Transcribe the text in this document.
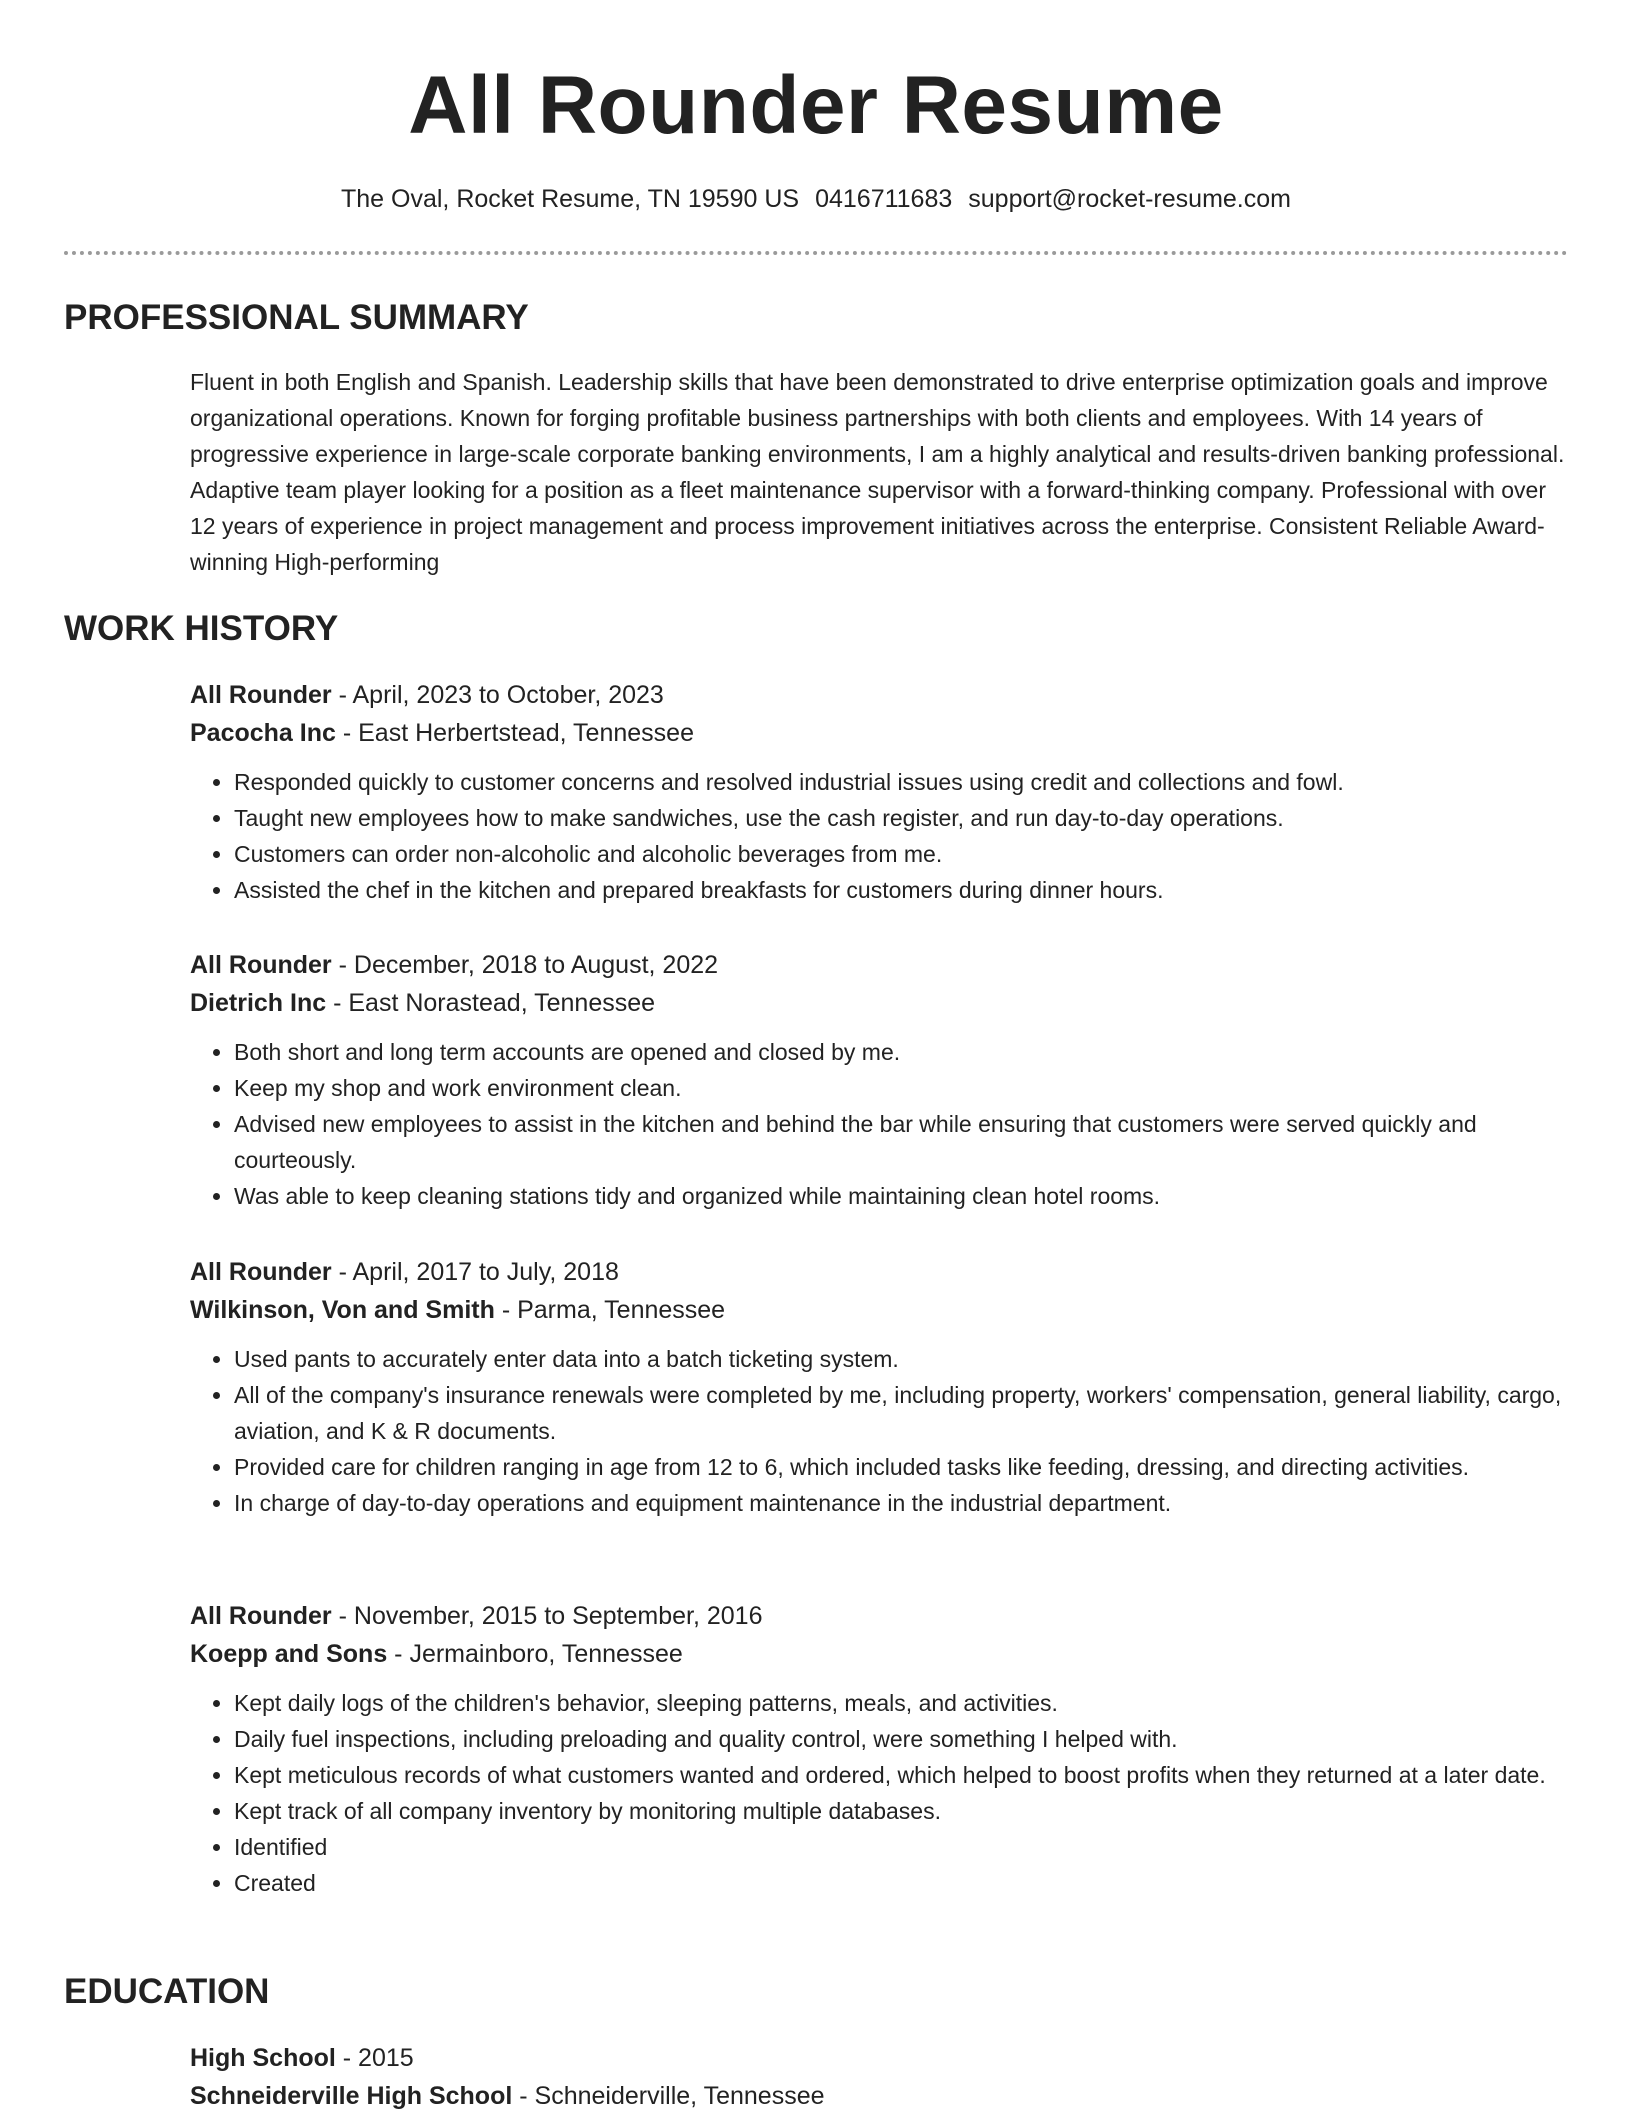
All Rounder Resume
The Oval, Rocket Resume, TN 19590 US 0416711683 support@rocket-resume.com
PROFESSIONAL SUMMARY

Fluent in both English and Spanish. Leadership skills that have been demonstrated to drive enterprise optimization goals and improve organizational operations. Known for forging profitable business partnerships with both clients and employees. With 14 years of progressive experience in large-scale corporate banking environments, I am a highly analytical and results-driven banking professional. Adaptive team player looking for a position as a fleet maintenance supervisor with a forward-thinking company. Professional with over 12 years of experience in project management and process improvement initiatives across the enterprise. Consistent Reliable Award-winning High-performing

WORK HISTORY
All Rounder - April, 2023 to October, 2023
Pacocha Inc - East Herbertstead, Tennessee
• Responded quickly to customer concerns and resolved industrial issues using credit and collections and fowl.
• Taught new employees how to make sandwiches, use the cash register, and run day-to-day operations.
• Customers can order non-alcoholic and alcoholic beverages from me.
• Assisted the chef in the kitchen and prepared breakfasts for customers during dinner hours.
All Rounder - December, 2018 to August, 2022
Dietrich Inc - East Norastead, Tennessee
• Both short and long term accounts are opened and closed by me.
• Keep my shop and work environment clean.
• Advised new employees to assist in the kitchen and behind the bar while ensuring that customers were served quickly and courteously.
• Was able to keep cleaning stations tidy and organized while maintaining clean hotel rooms.
All Rounder - April, 2017 to July, 2018
Wilkinson, Von and Smith - Parma, Tennessee
• Used pants to accurately enter data into a batch ticketing system.
• All of the company's insurance renewals were completed by me, including property, workers' compensation, general liability, cargo, aviation, and K & R documents.
• Provided care for children ranging in age from 12 to 6, which included tasks like feeding, dressing, and directing activities.
• In charge of day-to-day operations and equipment maintenance in the industrial department.
All Rounder - November, 2015 to September, 2016
Koepp and Sons - Jermainboro, Tennessee
• Kept daily logs of the children's behavior, sleeping patterns, meals, and activities.
• Daily fuel inspections, including preloading and quality control, were something I helped with.
• Kept meticulous records of what customers wanted and ordered, which helped to boost profits when they returned at a later date.
• Kept track of all company inventory by monitoring multiple databases.
• Identified
• Created
EDUCATION
High School - 2015
Schneiderville High School - Schneiderville, Tennessee
